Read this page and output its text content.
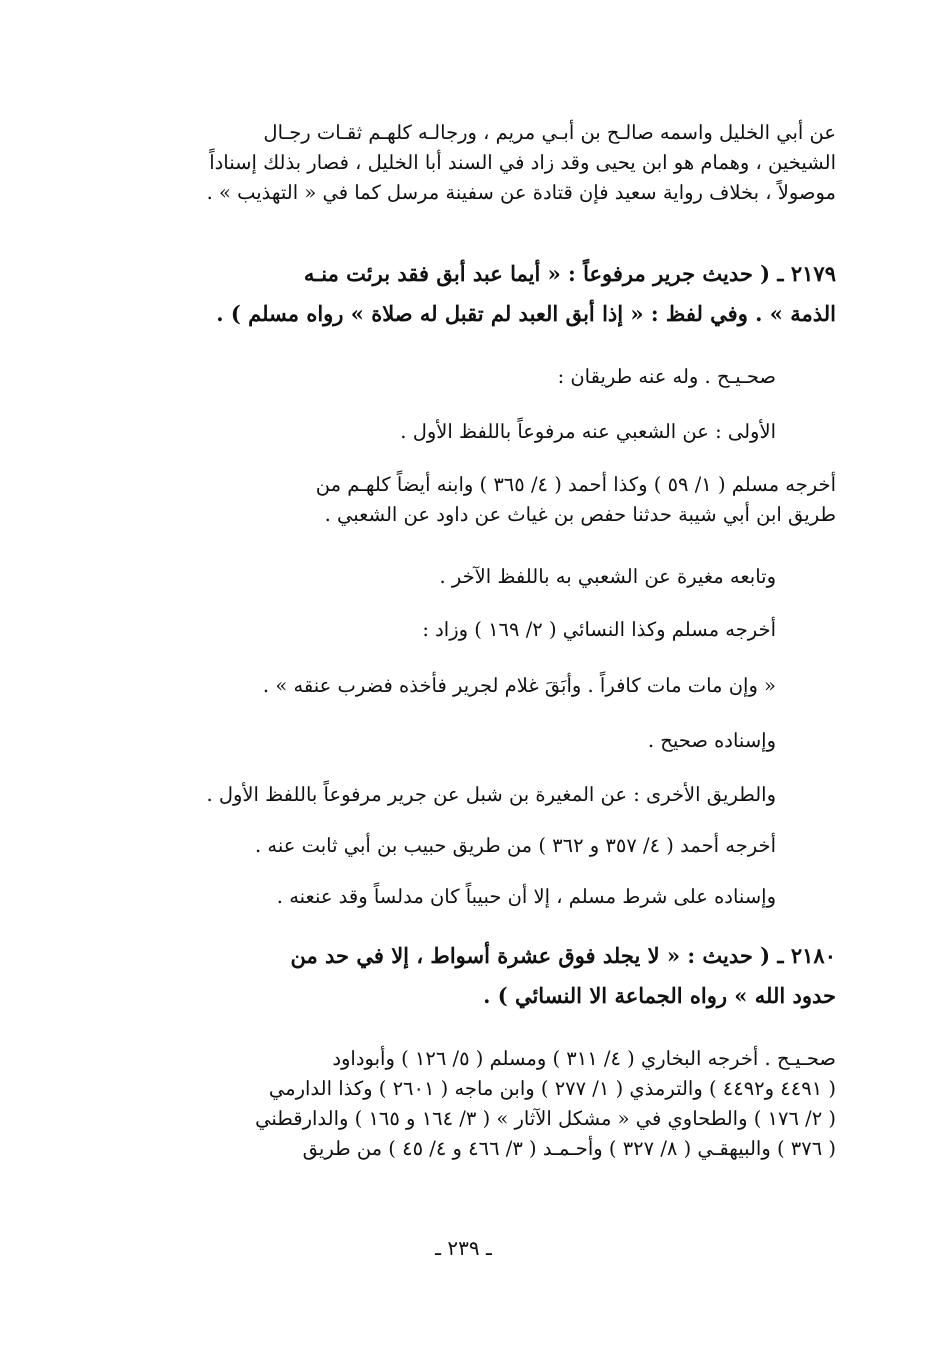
عن أبي الخليل واسمه صالـح بن أبـي مريم ، ورجالـه كلهـم ثقـات رجـال
الشيخين ، وهمام هو ابن يحيى وقد زاد في السند أبا الخليل ، فصار بذلك إسناداً
موصولاً ، بخلاف رواية سعيد فإن قتادة عن سفينة مرسل كما في « التهذيب » .
٢١٧٩ ـ ( حديث جرير مرفوعاً : « أيما عبد أبق فقد برئت منـه
الذمة » . وفي لفظ : « إذا أبق العبد لم تقبل له صلاة » رواه مسلم ) .
صحـيـح . وله عنه طريقان :
الأولى : عن الشعبي عنه مرفوعاً باللفظ الأول .
أخرجه مسلم ( ١/ ٥٩ ) وكذا أحمد ( ٤/ ٣٦٥ ) وابنه أيضاً كلهـم من
طريق ابن أبي شيبة حدثنا حفص بن غياث عن داود عن الشعبي .
وتابعه مغيرة عن الشعبي به باللفظ الآخر .
أخرجه مسلم وكذا النسائي ( ٢/ ١٦٩ ) وزاد :
« وإن مات مات كافراً . وأبَقَ غلام لجرير فأخذه فضرب عنقه » .
وإسناده صحيح .
والطريق الأخرى : عن المغيرة بن شبل عن جرير مرفوعاً باللفظ الأول .
أخرجه أحمد ( ٤/ ٣٥٧ و ٣٦٢ ) من طريق حبيب بن أبي ثابت عنه .
وإسناده على شرط مسلم ، إلا أن حبيباً كان مدلساً وقد عنعنه .
٢١٨٠ ـ ( حديث : « لا يجلد فوق عشرة أسواط ، إلا في حد من
حدود الله » رواه الجماعة الا النسائي ) .
صحـيـح . أخرجه البخاري ( ٤/ ٣١١ ) ومسلم ( ٥/ ١٢٦ ) وأبوداود
( ٤٤٩١ و٤٤٩٢ ) والترمذي ( ١/ ٢٧٧ ) وابن ماجه ( ٢٦٠١ ) وكذا الدارمي
( ٢/ ١٧٦ ) والطحاوي في « مشكل الآثار » ( ٣/ ١٦٤ و ١٦٥ ) والدارقطني
( ٣٧٦ ) والبيهقـي ( ٨/ ٣٢٧ ) وأحـمـد ( ٣/ ٤٦٦ و ٤/ ٤٥ ) من طريق
ـ ٢٣٩ ـ
